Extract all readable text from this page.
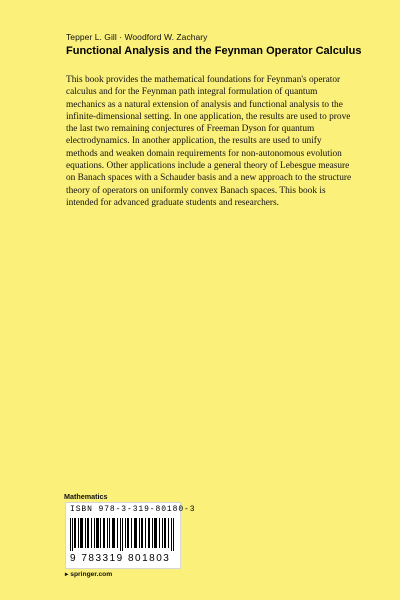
Tepper L. Gill · Woodford W. Zachary
Functional Analysis and the Feynman Operator Calculus

This book provides the mathematical foundations for Feynman's operator calculus and for the Feynman path integral formulation of quantum mechanics as a natural extension of analysis and functional analysis to the infinite-dimensional setting. In one application, the results are used to prove the last two remaining conjectures of Freeman Dyson for quantum electrodynamics. In another application, the results are used to unify methods and weaken domain requirements for non-autonomous evolution equations. Other applications include a general theory of Lebesgue measure on Banach spaces with a Schauder basis and a new approach to the structure theory of operators on uniformly convex Banach spaces. This book is intended for advanced graduate students and researchers.

Mathematics
ISBN 978-3-319-80180-3
9 783319 801803
▸ springer.com
